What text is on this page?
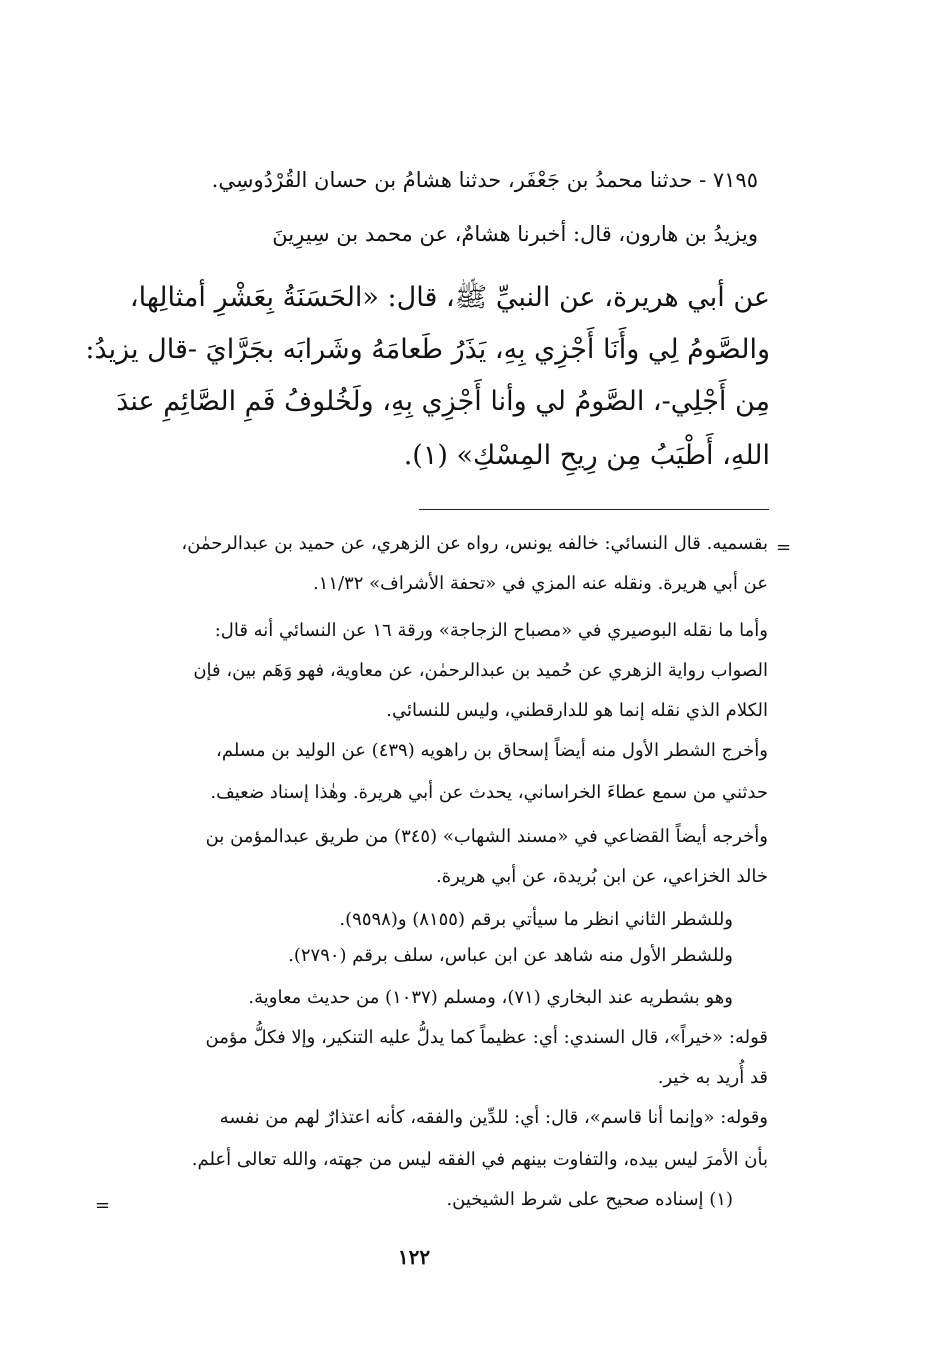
٧١٩٥ - حدثنا محمدُ بن جَعْفَر، حدثنا هشامُ بن حسان القُرْدُوسِي.
ويزيدُ بن هارون، قال: أخبرنا هشامٌ، عن محمد بن سِيرِينَ
عن أبي هريرة، عن النبيِّ ﷺ، قال: «الحَسَنَةُ بِعَشْرِ أمثالِها،
والصَّومُ لِي وأَنَا أَجْزِي بِهِ، يَذَرُ طَعامَهُ وشَرابَه بجَرَّايَ -قال يزيدُ:
مِن أَجْلِي-، الصَّومُ لي وأنا أَجْزِي بِهِ، ولَخُلوفُ فَمِ الصَّائِمِ عندَ
اللهِ، أَطْيَبُ مِن رِيحِ المِسْكِ» (١).
=
بقسميه. قال النسائي: خالفه يونس، رواه عن الزهري، عن حميد بن عبدالرحمٰن،
عن أبي هريرة. ونقله عنه المزي في «تحفة الأشراف» ١١/٣٢.
وأما ما نقله البوصيري في «مصباح الزجاجة» ورقة ١٦ عن النسائي أنه قال:
الصواب رواية الزهري عن حُميد بن عبدالرحمٰن، عن معاوية، فهو وَهَم بين، فإن
الكلام الذي نقله إنما هو للدارقطني، وليس للنسائي.
وأخرج الشطر الأول منه أيضاً إسحاق بن راهويه (٤٣٩) عن الوليد بن مسلم،
حدثني من سمع عطاءَ الخراساني، يحدث عن أبي هريرة. وهٰذا إسناد ضعيف.
وأخرجه أيضاً القضاعي في «مسند الشهاب» (٣٤٥) من طريق عبدالمؤمن بن
خالد الخزاعي، عن ابن بُريدة، عن أبي هريرة.
وللشطر الثاني انظر ما سيأتي برقم (٨١٥٥) و(٩٥٩٨).
وللشطر الأول منه شاهد عن ابن عباس، سلف برقم (٢٧٩٠).
وهو بشطريه عند البخاري (٧١)، ومسلم (١٠٣٧) من حديث معاوية.
قوله: «خيراً»، قال السندي: أي: عظيماً كما يدلُّ عليه التنكير، وإلا فكلُّ مؤمن
قد أُريد به خير.
وقوله: «وإنما أنا قاسم»، قال: أي: للدِّين والفقه، كأنه اعتذارٌ لهم من نفسه
بأن الأمرَ ليس بيده، والتفاوت بينهم في الفقه ليس من جهته، والله تعالى أعلم.
(١) إسناده صحيح على شرط الشيخين.
=
١٢٢
